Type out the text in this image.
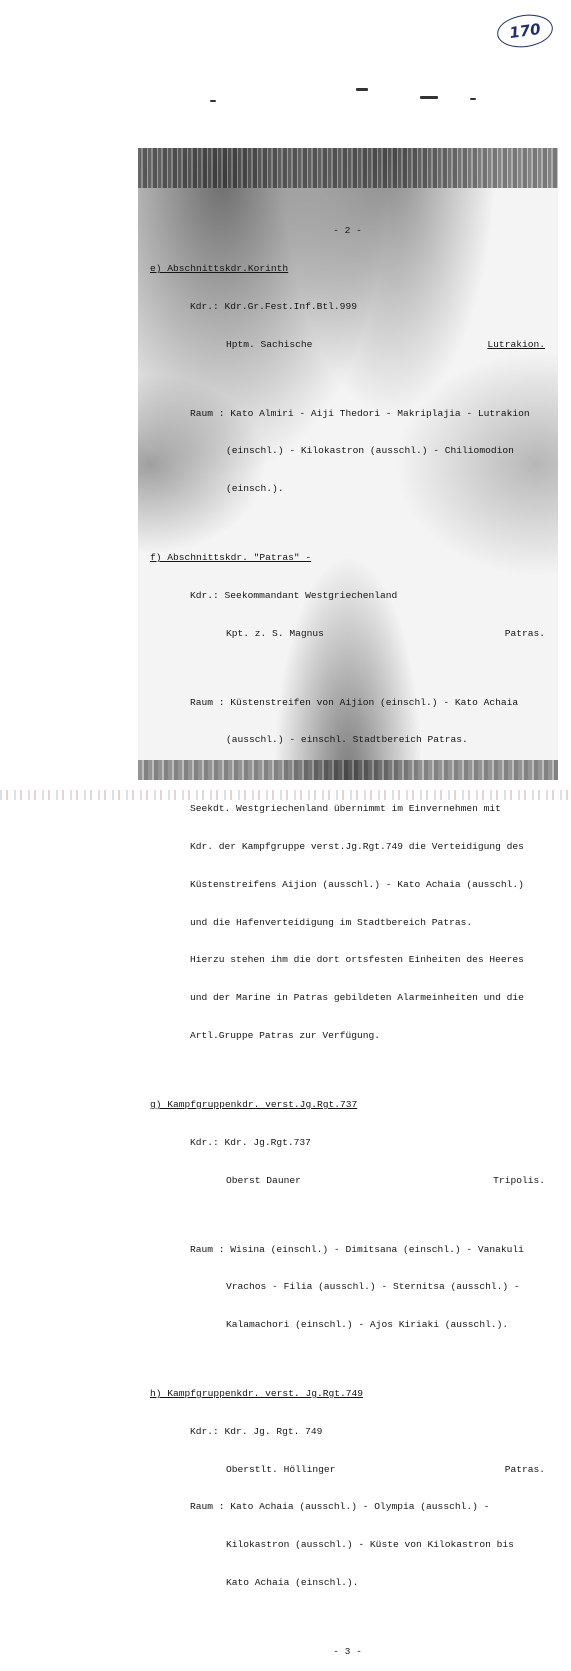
170

- 2 -

e) Abschnittskdr.Korinth

Kdr.: Kdr.Gr.Fest.Inf.Btl.999

Hptm. Sachische	Lutrakion.

Raum : Kato Almiri - Aiji Thedori - Makriplajia - Lutrakion

(einschl.) - Kilokastron (ausschl.) - Chiliomodion

(einsch.).

f) Abschnittskdr. "Patras" -

Kdr.: Seekommandant Westgriechenland

Kpt. z. S. Magnus	Patras.

Raum : Küstenstreifen von Aijion (einschl.) - Kato Achaia

(ausschl.) - einschl. Stadtbereich Patras.

Seekdt. Westgriechenland übernimmt im Einvernehmen mit

Kdr. der Kampfgruppe verst.Jg.Rgt.749 die Verteidigung des

Küstenstreifens Aijion (ausschl.) - Kato Achaia (ausschl.)

und die Hafenverteidigung im Stadtbereich Patras.

Hierzu stehen ihm die dort ortsfesten Einheiten des Heeres

und der Marine in Patras gebildeten Alarmeinheiten und die

Artl.Gruppe Patras zur Verfügung.

g) Kampfgruppenkdr. verst.Jg.Rgt.737

Kdr.: Kdr. Jg.Rgt.737

Oberst Dauner	Tripolis.

Raum : Wisina (einschl.) - Dimitsana (einschl.) - Vanakuli

Vrachos - Filia (ausschl.) - Sternitsa (ausschl.) -

Kalamachori (einschl.) - Ajos Kiriaki (ausschl.).

h) Kampfgruppenkdr. verst. Jg.Rgt.749

Kdr.: Kdr. Jg. Rgt. 749

Oberstlt. Höllinger	Patras.

Raum : Kato Achaia (ausschl.) - Olympia (ausschl.) -

Kilokastron (ausschl.) - Küste von Kilokastron bis

Kato Achaia (einschl.).

- 3 -
